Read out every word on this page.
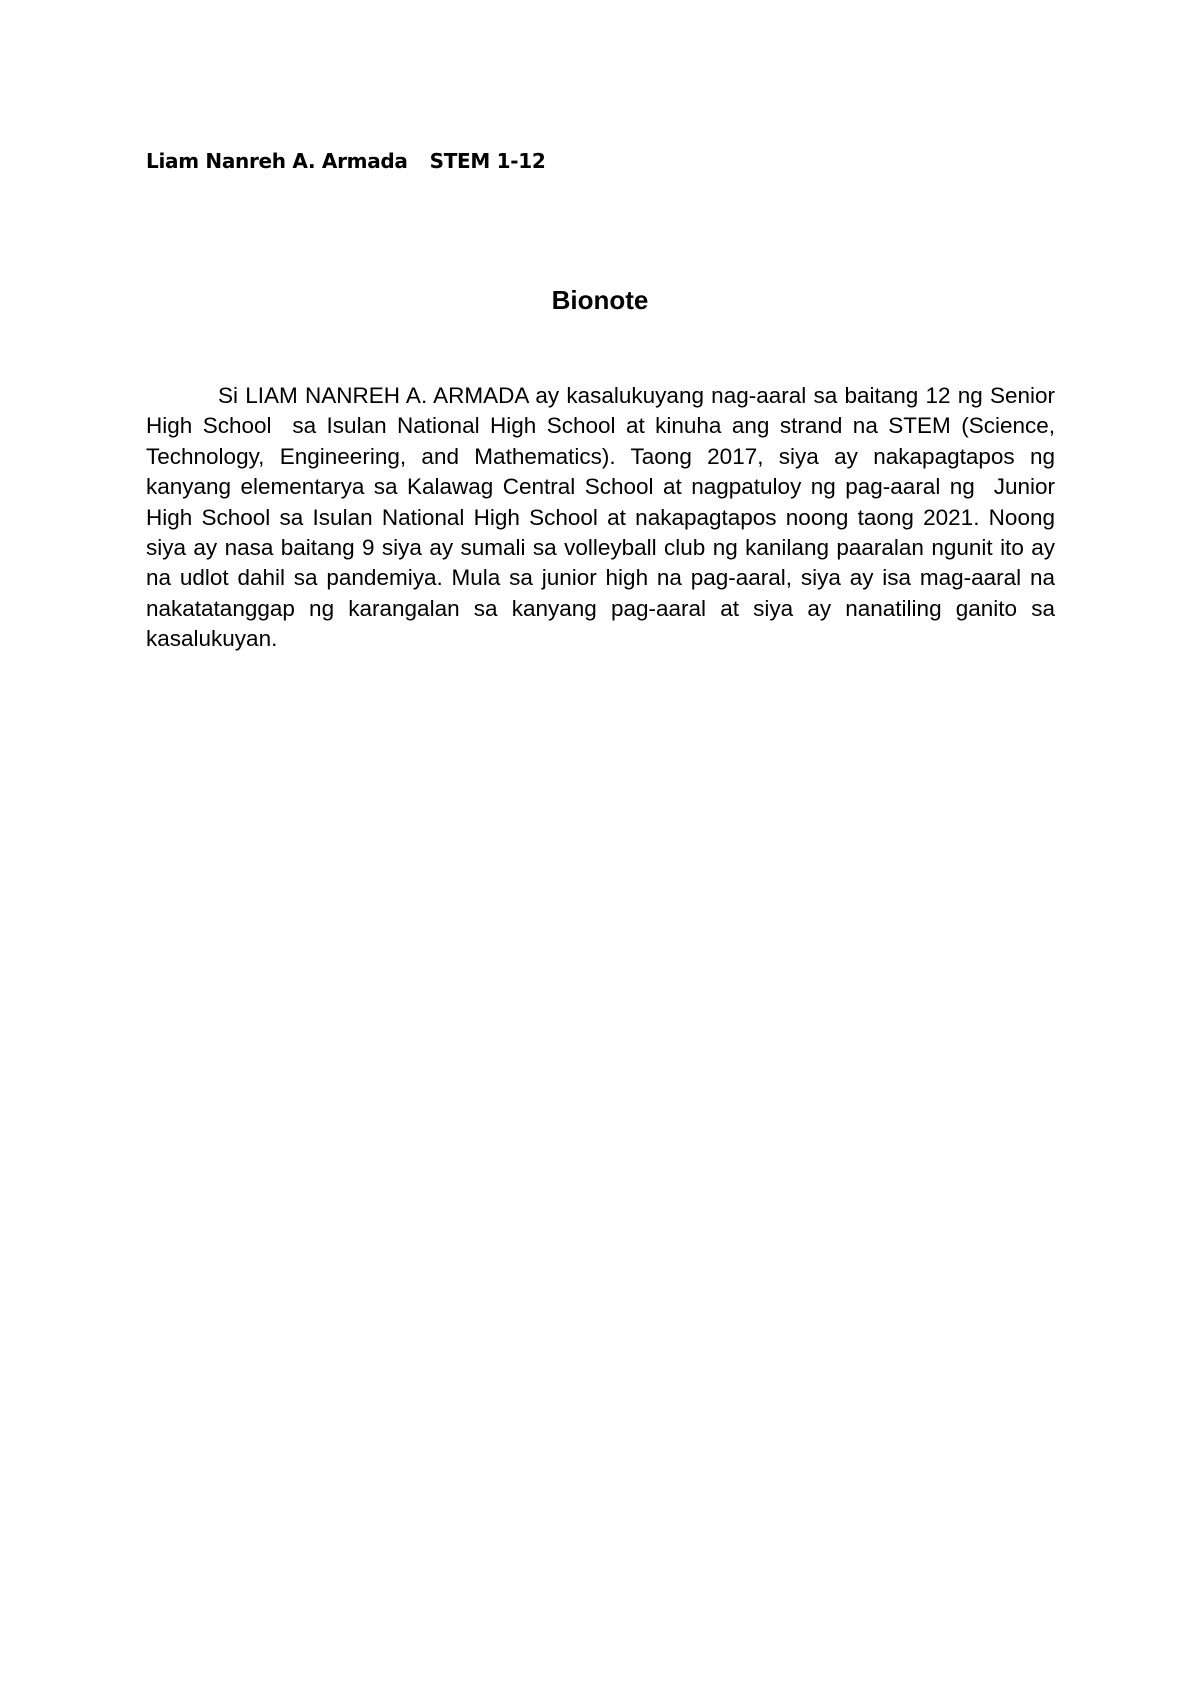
Liam Nanreh A. Armada STEM 1-12
Bionote

Si LIAM NANREH A. ARMADA ay kasalukuyang nag-aaral sa baitang 12 ng Senior High School  sa Isulan National High School at kinuha ang strand na STEM (Science, Technology, Engineering, and Mathematics). Taong 2017, siya ay nakapagtapos ng kanyang elementarya sa Kalawag Central School at nagpatuloy ng pag-aaral ng  Junior High School sa Isulan National High School at nakapagtapos noong taong 2021. Noong siya ay nasa baitang 9 siya ay sumali sa volleyball club ng kanilang paaralan ngunit ito ay na udlot dahil sa pandemiya. Mula sa junior high na pag-aaral, siya ay isa mag-aaral na nakatatanggap ng karangalan sa kanyang pag-aaral at siya ay nanatiling ganito sa kasalukuyan.
